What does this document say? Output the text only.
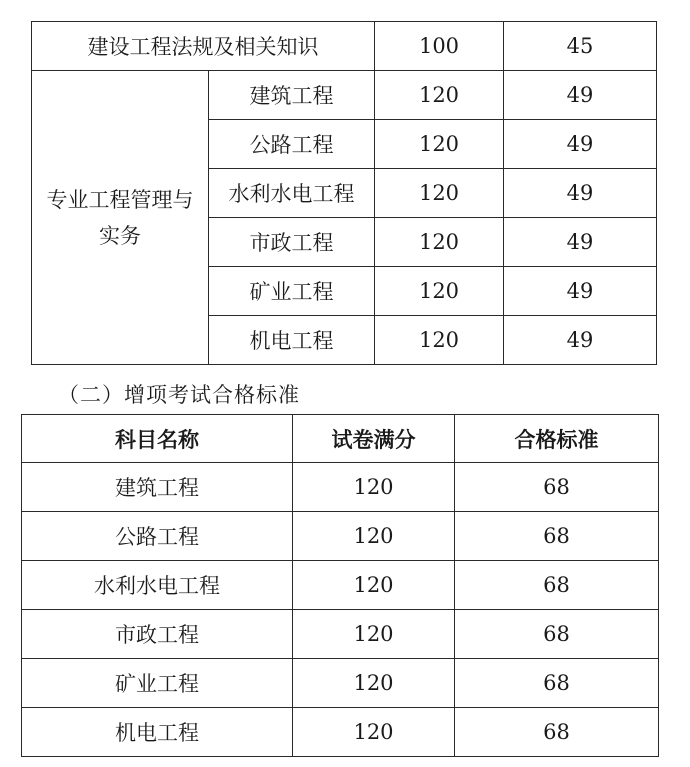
建设工程法规及相关知识		100	45
专业工程管理与
实务	建筑工程	120	49
	公路工程	120	49
	水利水电工程	120	49
	市政工程	120	49
	矿业工程	120	49
	机电工程	120	49
（二）增项考试合格标准
科目名称	试卷满分	合格标准
建筑工程	120	68
公路工程	120	68
水利水电工程	120	68
市政工程	120	68
矿业工程	120	68
机电工程	120	68
